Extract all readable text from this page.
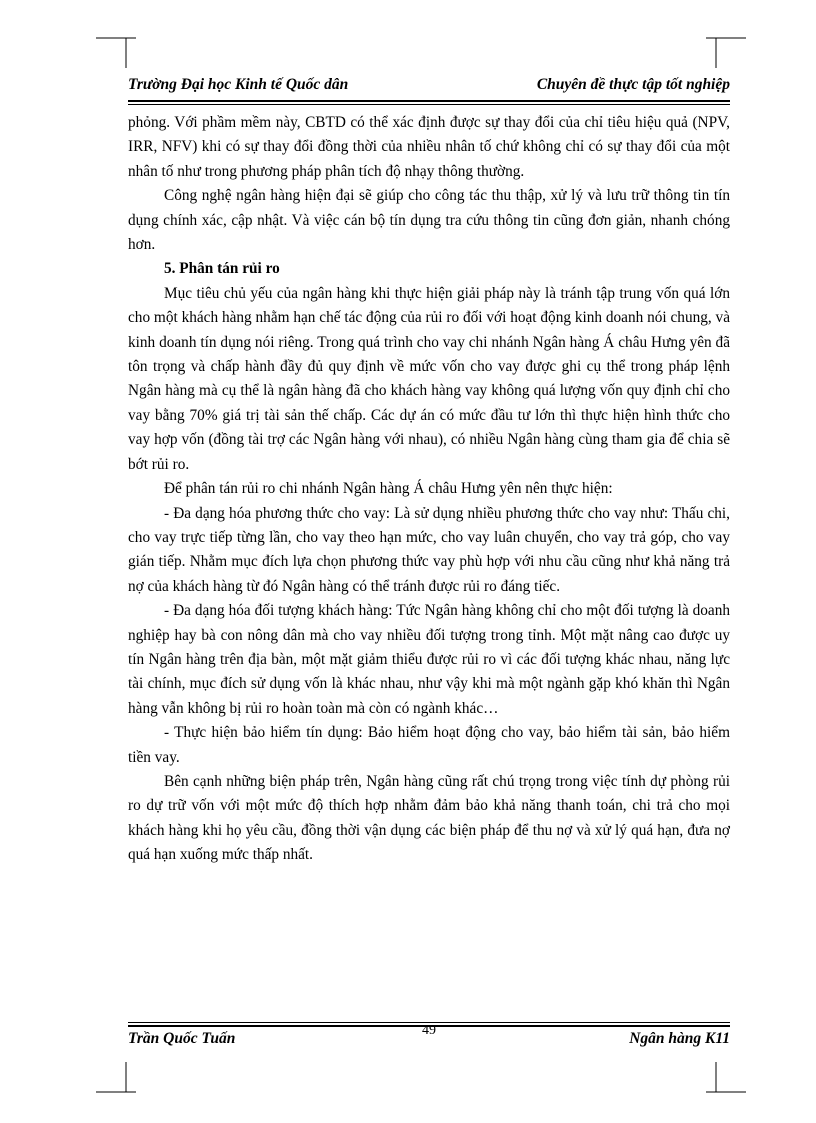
Trường Đại học Kinh tế Quốc dân	Chuyên đề thực tập tốt nghiệp

phỏng. Với phầm mềm này, CBTD có thể xác định được sự thay đổi của chỉ tiêu hiệu quả (NPV, IRR, NFV) khi có sự thay đổi đồng thời của nhiều nhân tố chứ không chỉ có sự thay đổi của một nhân tố như trong phương pháp phân tích độ nhạy thông thường.

Công nghệ ngân hàng hiện đại sẽ giúp cho công tác thu thập, xử lý và lưu trữ thông tin tín dụng chính xác, cập nhật. Và việc cán bộ tín dụng tra cứu thông tin cũng đơn giản, nhanh chóng hơn.

5. Phân tán rủi ro

Mục tiêu chủ yếu của ngân hàng khi thực hiện giải pháp này là tránh tập trung vốn quá lớn cho một khách hàng nhằm hạn chế tác động của rủi ro đối với hoạt động kinh doanh nói chung, và kinh doanh tín dụng nói riêng. Trong quá trình cho vay chi nhánh Ngân hàng Á châu Hưng yên đã tôn trọng và chấp hành đầy đủ quy định về mức vốn cho vay được ghi cụ thể trong pháp lệnh Ngân hàng mà cụ thể là ngân hàng đã cho khách hàng vay không quá lượng vốn quy định chỉ cho vay bằng 70% giá trị tài sản thế chấp. Các dự án có mức đầu tư lớn thì thực hiện hình thức cho vay hợp vốn (đồng tài trợ các Ngân hàng với nhau), có nhiều Ngân hàng cùng tham gia để chia sẽ bớt rủi ro.

Để phân tán rủi ro chi nhánh Ngân hàng Á châu Hưng yên nên thực hiện:

- Đa dạng hóa phương thức cho vay: Là sử dụng nhiều phương thức cho vay như: Thấu chi, cho vay trực tiếp từng lần, cho vay theo hạn mức, cho vay luân chuyển, cho vay trả góp, cho vay gián tiếp. Nhằm mục đích lựa chọn phương thức vay phù hợp với nhu cầu cũng như khả năng trả nợ của khách hàng từ đó Ngân hàng có thể tránh được rủi ro đáng tiếc.

- Đa dạng hóa đối tượng khách hàng: Tức Ngân hàng không chỉ cho một đối tượng là doanh nghiệp hay bà con nông dân mà cho vay nhiều đối tượng trong tỉnh. Một mặt nâng cao được uy tín Ngân hàng trên địa bàn, một mặt giảm thiểu được rủi ro vì các đối tượng khác nhau, năng lực tài chính, mục đích sử dụng vốn là khác nhau, như vậy khi mà một ngành gặp khó khăn thì Ngân hàng vẫn không bị rủi ro hoàn toàn mà còn có ngành khác…

- Thực hiện bảo hiểm tín dụng: Bảo hiểm hoạt động cho vay, bảo hiểm tài sản, bảo hiểm tiền vay.

Bên cạnh những biện pháp trên, Ngân hàng cũng rất chú trọng trong việc tính dự phòng rủi ro dự trữ vốn với một mức độ thích hợp nhằm đảm bảo khả năng thanh toán, chi trả cho mọi khách hàng khi họ yêu cầu, đồng thời vận dụng các biện pháp để thu nợ và xử lý quá hạn, đưa nợ quá hạn xuống mức thấp nhất.

Trần Quốc Tuấn	49	Ngân hàng K11
